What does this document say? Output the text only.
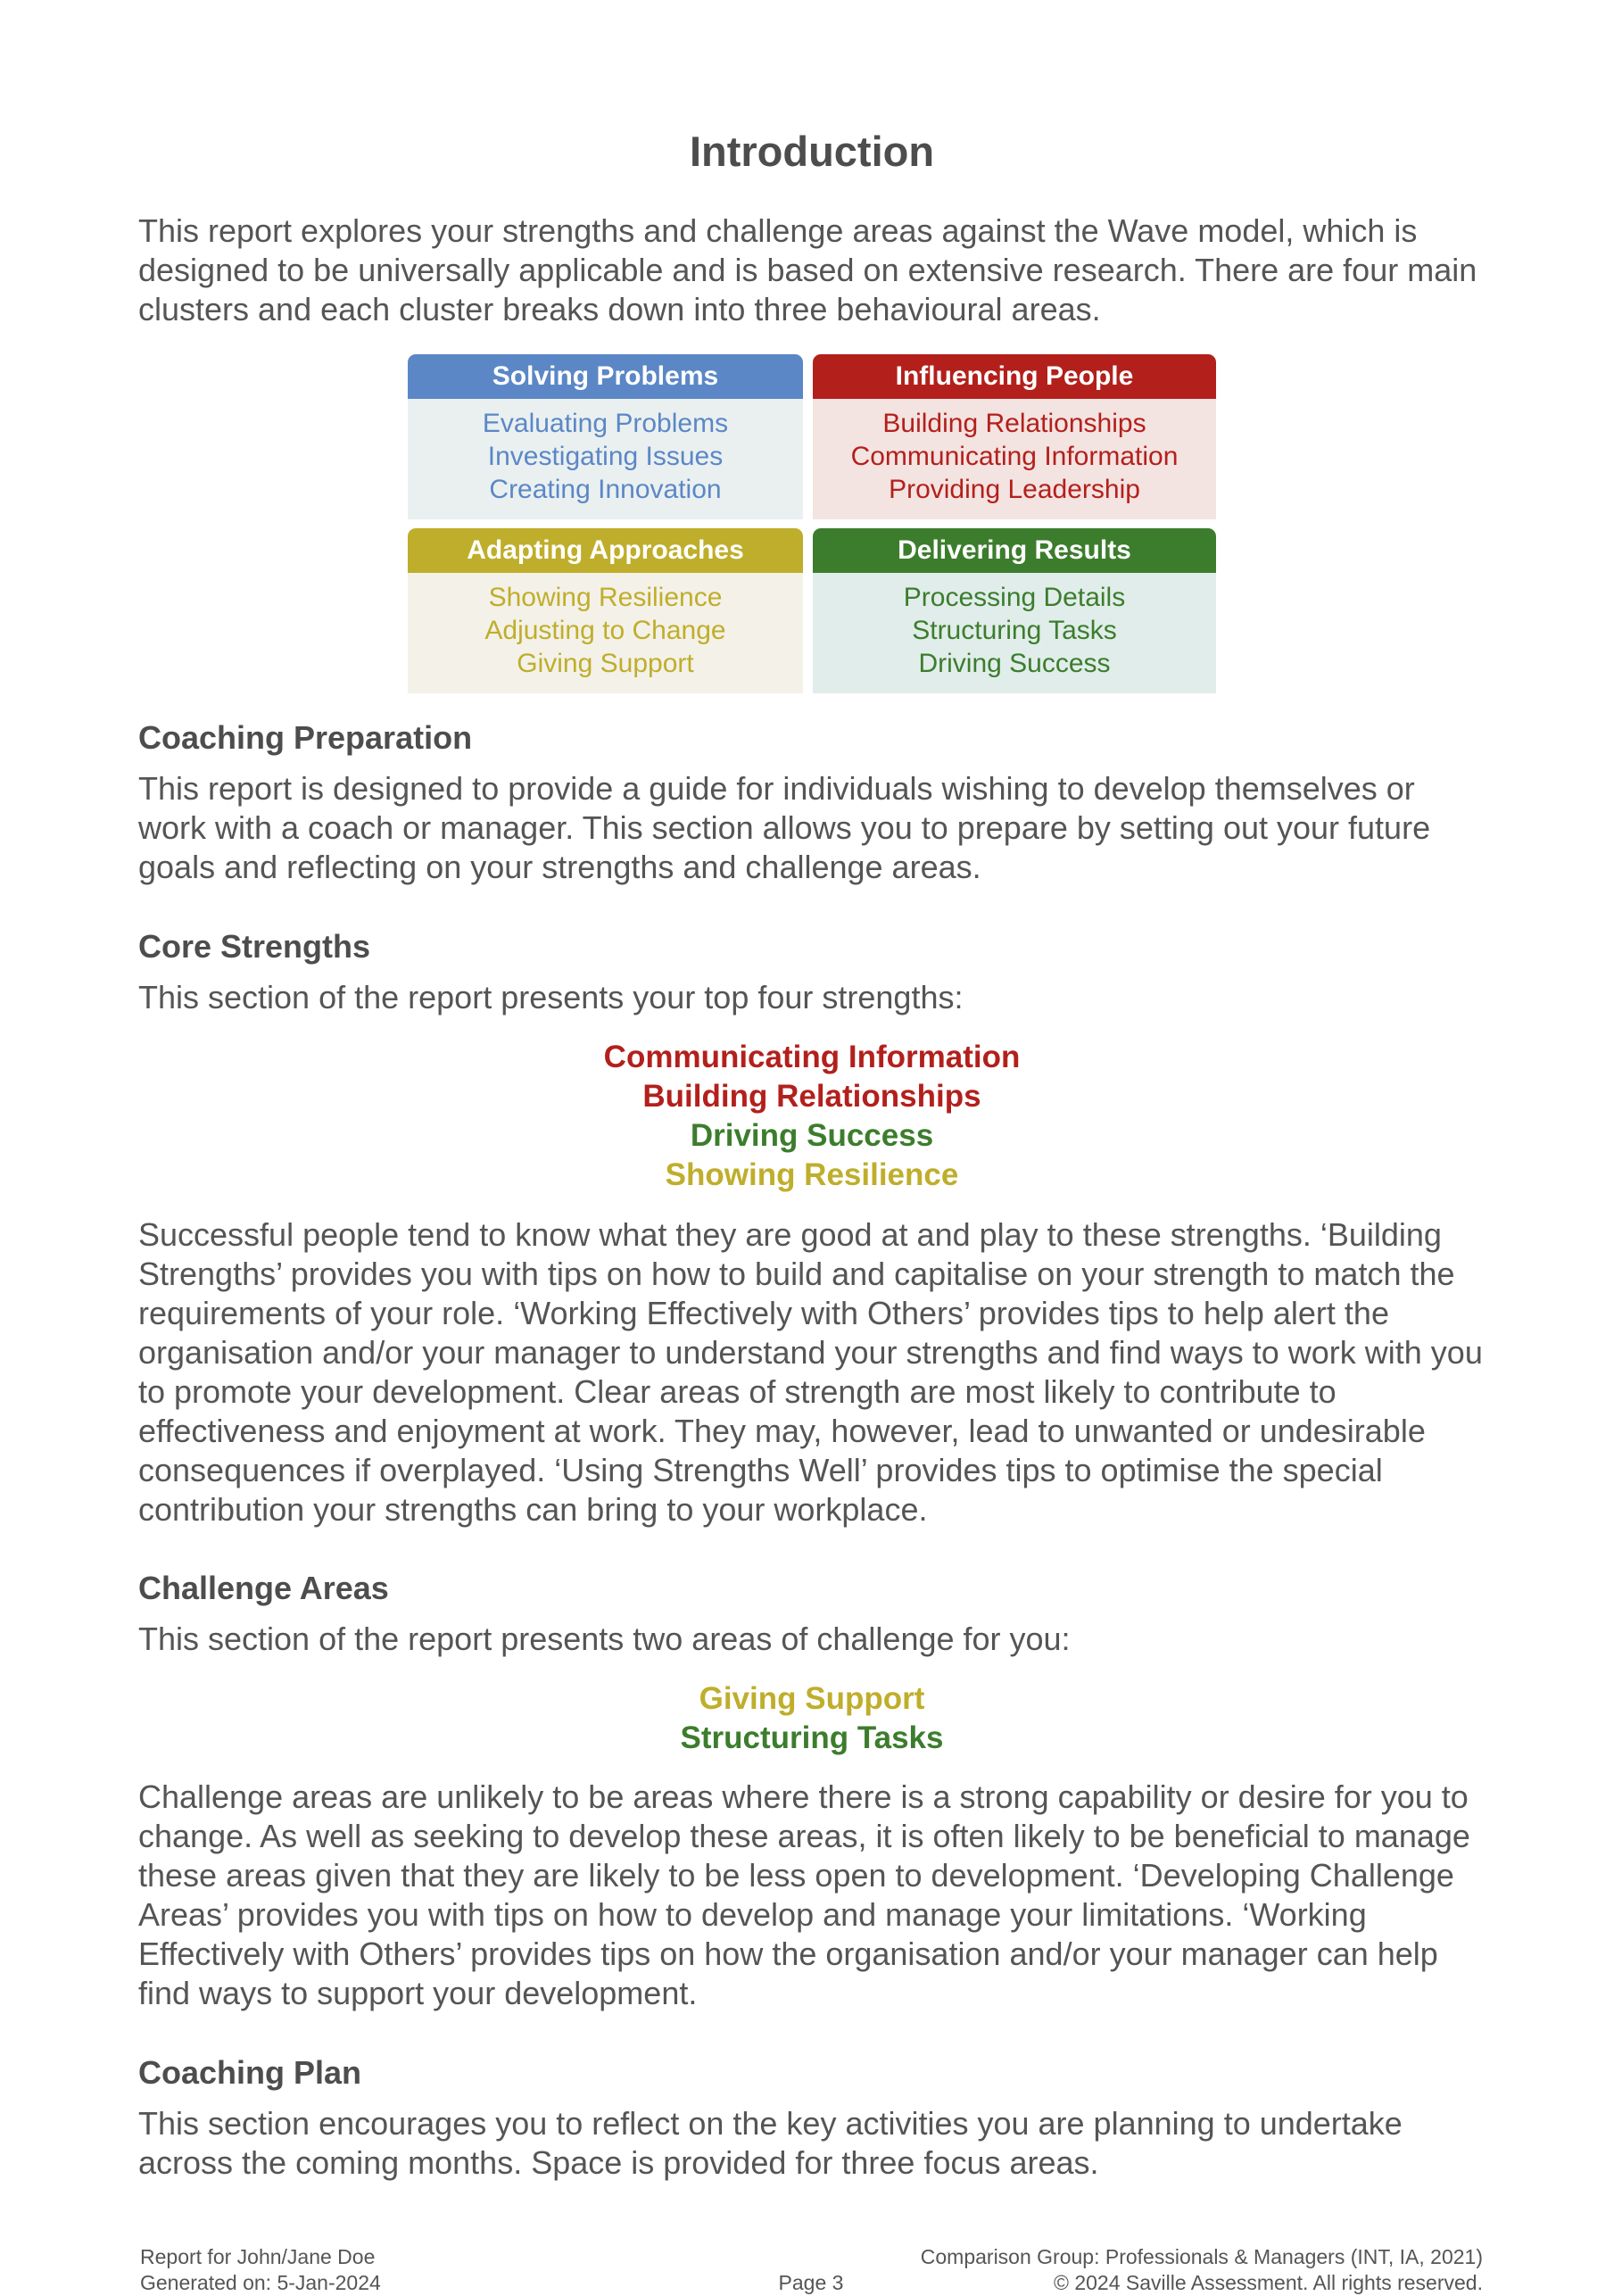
Introduction

This report explores your strengths and challenge areas against the Wave model, which is designed to be universally applicable and is based on extensive research. There are four main clusters and each cluster breaks down into three behavioural areas.

Solving Problems
Evaluating Problems
Investigating Issues
Creating Innovation
Influencing People
Building Relationships
Communicating Information
Providing Leadership
Adapting Approaches
Showing Resilience
Adjusting to Change
Giving Support
Delivering Results
Processing Details
Structuring Tasks
Driving Success
Coaching Preparation

This report is designed to provide a guide for individuals wishing to develop themselves or work with a coach or manager. This section allows you to prepare by setting out your future goals and reflecting on your strengths and challenge areas.

Core Strengths

This section of the report presents your top four strengths:

Communicating Information
Building Relationships
Driving Success
Showing Resilience

Successful people tend to know what they are good at and play to these strengths. ‘Building Strengths’ provides you with tips on how to build and capitalise on your strength to match the requirements of your role. ‘Working Effectively with Others’ provides tips to help alert the organisation and/or your manager to understand your strengths and find ways to work with you to promote your development. Clear areas of strength are most likely to contribute to effectiveness and enjoyment at work. They may, however, lead to unwanted or undesirable consequences if overplayed. ‘Using Strengths Well’ provides tips to optimise the special contribution your strengths can bring to your workplace.

Challenge Areas

This section of the report presents two areas of challenge for you:

Giving Support
Structuring Tasks

Challenge areas are unlikely to be areas where there is a strong capability or desire for you to change. As well as seeking to develop these areas, it is often likely to be beneficial to manage these areas given that they are likely to be less open to development. ‘Developing Challenge Areas’ provides you with tips on how to develop and manage your limitations. ‘Working Effectively with Others’ provides tips on how the organisation and/or your manager can help find ways to support your development.

Coaching Plan

This section encourages you to reflect on the key activities you are planning to undertake across the coming months. Space is provided for three focus areas.

Report for John/Jane Doe
Generated on: 5-Jan-2024	Page 3
Comparison Group: Professionals & Managers (INT, IA, 2021)
© 2024 Saville Assessment. All rights reserved.
